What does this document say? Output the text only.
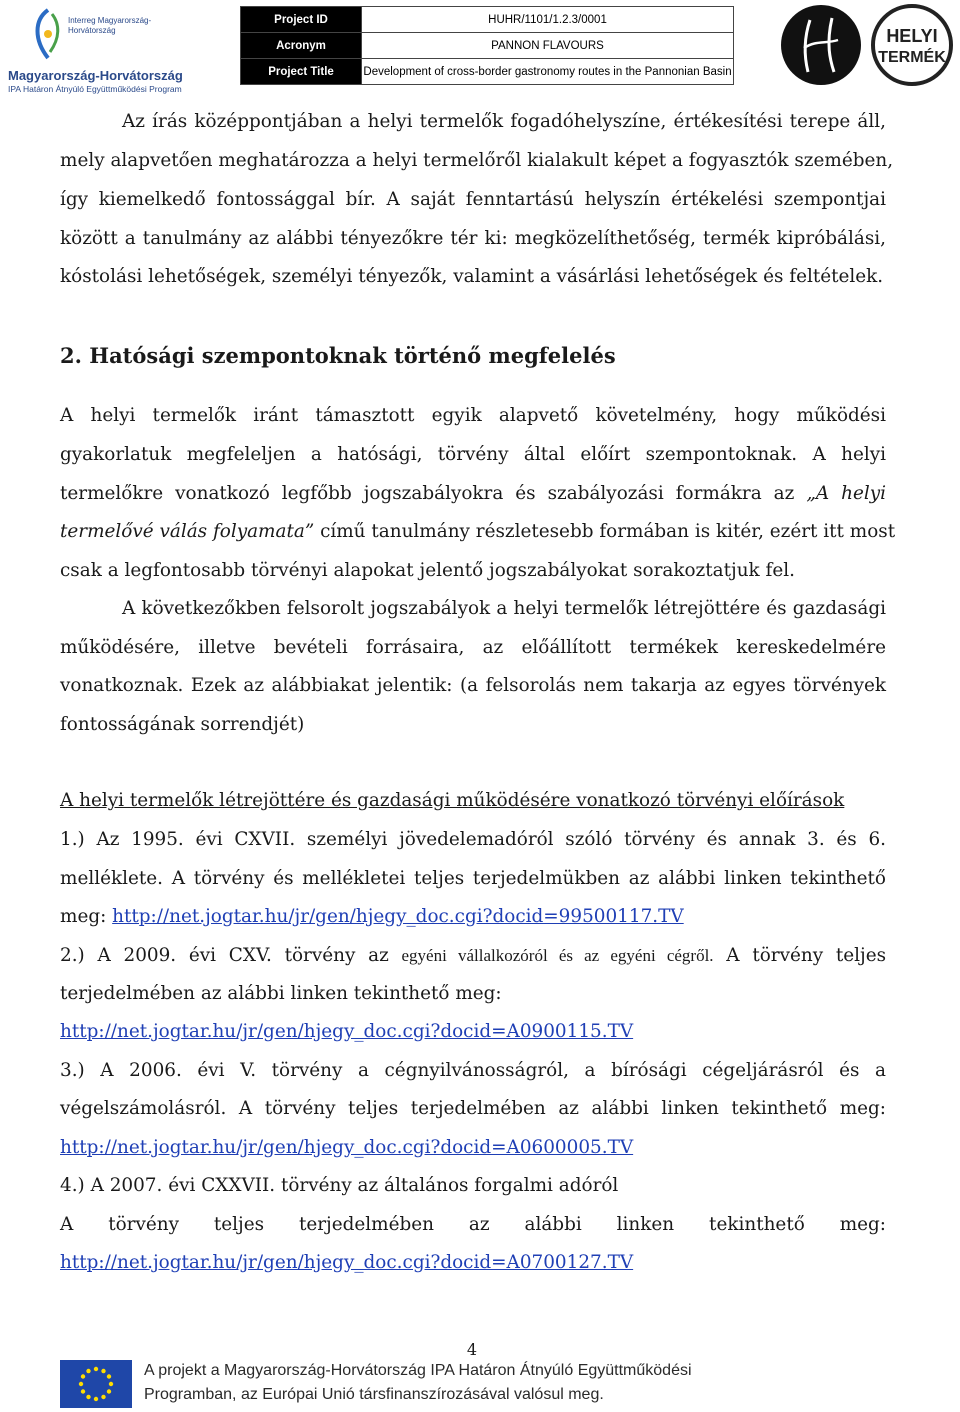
Interreg Magyarország-Horvátország
Magyarország-Horvátország
IPA Határon Átnyúló Együttműködési Program
Project ID	HUHR/1101/1.2.3/0001
Acronym	PANNON FLAVOURS
Project Title	Development of cross-border gastronomy routes in the Pannonian Basin
HELYI
TERMÉK
Az írás középpontjában a helyi termelők fogadóhelyszíne, értékesítési terepe áll,
mely alapvetően meghatározza a helyi termelőről kialakult képet a fogyasztók szemében,
így kiemelkedő fontossággal bír. A saját fenntartású helyszín értékelési szempontjai
között a tanulmány az alábbi tényezőkre tér ki: megközelíthetőség, termék kipróbálási,
kóstolási lehetőségek, személyi tényezők, valamint a vásárlási lehetőségek és feltételek.
2. Hatósági szempontoknak történő megfelelés
A helyi termelők iránt támasztott egyik alapvető követelmény, hogy működési
gyakorlatuk megfeleljen a hatósági, törvény által előírt szempontoknak. A helyi
termelőkre vonatkozó legfőbb jogszabályokra és szabályozási formákra az „A helyi
termelővé válás folyamata” című tanulmány részletesebb formában is kitér, ezért itt most
csak a legfontosabb törvényi alapokat jelentő jogszabályokat sorakoztatjuk fel.
A következőkben felsorolt jogszabályok a helyi termelők létrejöttére és gazdasági
működésére, illetve bevételi forrásaira, az előállított termékek kereskedelmére
vonatkoznak. Ezek az alábbiakat jelentik: (a felsorolás nem takarja az egyes törvények
fontosságának sorrendjét)
A helyi termelők létrejöttére és gazdasági működésére vonatkozó törvényi előírások
1.) Az 1995. évi CXVII. személyi jövedelemadóról szóló törvény és annak 3. és 6.
melléklete. A törvény és mellékletei teljes terjedelmükben az alábbi linken tekinthető
meg: http://net.jogtar.hu/jr/gen/hjegy_doc.cgi?docid=99500117.TV
2.) A 2009. évi CXV. törvény az egyéni vállalkozóról és az egyéni cégről. A törvény teljes
terjedelmében az alábbi linken tekinthető meg:
http://net.jogtar.hu/jr/gen/hjegy_doc.cgi?docid=A0900115.TV
3.) A 2006. évi V. törvény a cégnyilvánosságról, a bírósági cégeljárásról és a
végelszámolásról. A törvény teljes terjedelmében az alábbi linken tekinthető meg:
http://net.jogtar.hu/jr/gen/hjegy_doc.cgi?docid=A0600005.TV
4.) A 2007. évi CXXVII. törvény az általános forgalmi adóról
A törvény teljes terjedelmében az alábbi linken tekinthető meg:
http://net.jogtar.hu/jr/gen/hjegy_doc.cgi?docid=A0700127.TV
4
A projekt a Magyarország-Horvátország IPA Határon Átnyúló Együttműködési
Programban, az Európai Unió társfinanszírozásával valósul meg.
